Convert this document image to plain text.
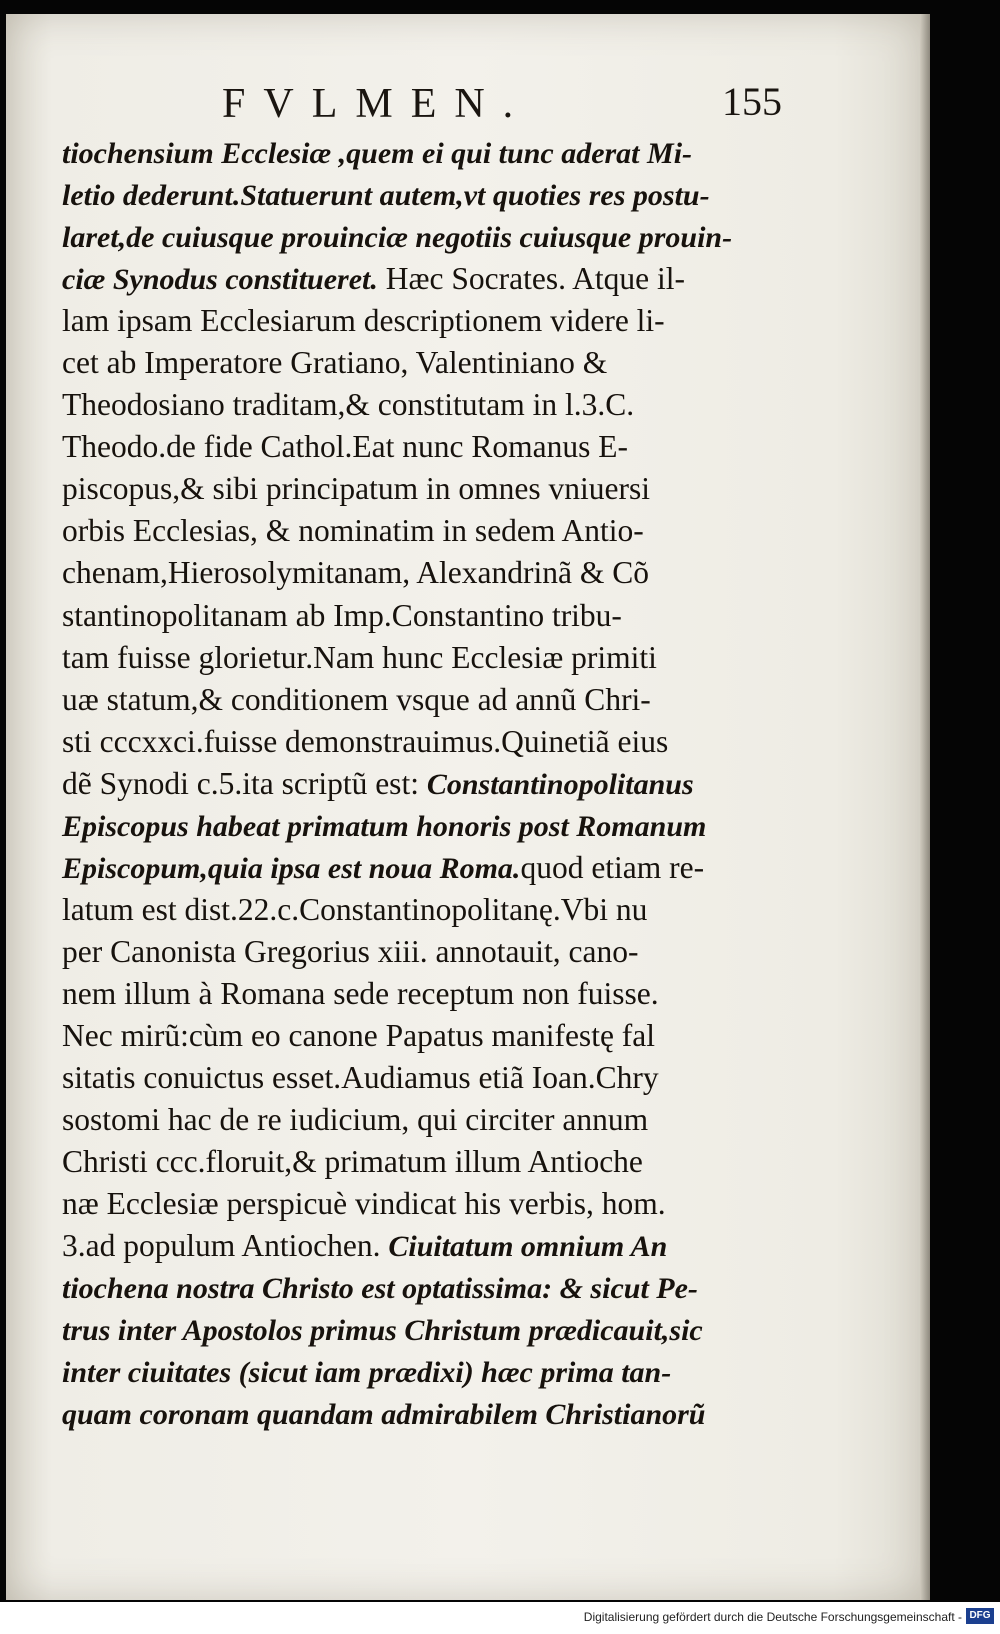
FVLMEN.	155
tiochensium Ecclesiæ ,quem ei qui tunc aderat Mi-
letio dederunt.Statuerunt autem,vt quoties res postu-
laret,de cuiusque prouinciæ negotiis cuiusque prouin-
ciæ Synodus constitueret. Hæc Socrates. Atque il-
lam ipsam Ecclesiarum descriptionem videre li-
cet ab Imperatore Gratiano, Valentiniano &
Theodosiano traditam,& constitutam in l.3.C.
Theodo.de fide Cathol.Eat nunc Romanus E-
piscopus,& sibi principatum in omnes vniuersi
orbis Ecclesias, & nominatim in sedem Antio-
chenam,Hierosolymitanam, Alexandrinã & Cõ
stantinopolitanam ab Imp.Constantino tribu-
tam fuisse glorietur.Nam hunc Ecclesiæ primiti
uæ statum,& conditionem vsque ad annũ Chri-
sti cccxxci.fuisse demonstrauimus.Quinetiã eius
dẽ Synodi c.5.ita scriptũ est: Constantinopolitanus
Episcopus habeat primatum honoris post Romanum
Episcopum,quia ipsa est noua Roma.quod etiam re-
latum est dist.22.c.Constantinopolitanę.Vbi nu
per Canonista Gregorius xiii. annotauit, cano-
nem illum à Romana sede receptum non fuisse.
Nec mirũ:cùm eo canone Papatus manifestę fal
sitatis conuictus esset.Audiamus etiã Ioan.Chry
sostomi hac de re iudicium, qui circiter annum
Christi ccc.floruit,& primatum illum Antioche
næ Ecclesiæ perspicuè vindicat his verbis, hom.
3.ad populum Antiochen. Ciuitatum omnium An
tiochena nostra Christo est optatissima: & sicut Pe-
trus inter Apostolos primus Christum prædicauit,sic
inter ciuitates (sicut iam prædixi) hæc prima tan-
quam coronam quandam admirabilem Christianorũ
Digitalisierung gefördert durch die Deutsche Forschungsgemeinschaft - DFG
